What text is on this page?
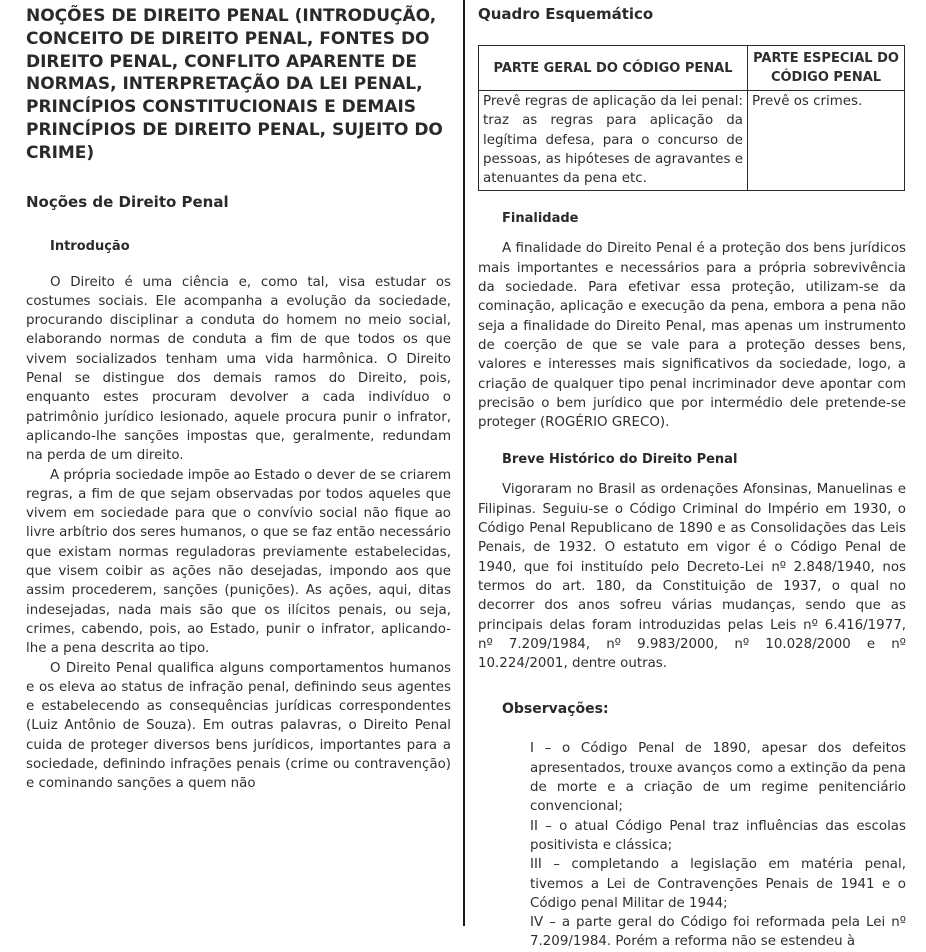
NOÇÕES DE DIREITO PENAL (INTRODUÇÃO, CONCEITO DE DIREITO PENAL, FONTES DO DIREITO PENAL, CONFLITO APARENTE DE NORMAS, INTERPRETAÇÃO DA LEI PENAL, PRINCÍPIOS CONSTITUCIONAIS E DEMAIS PRINCÍPIOS DE DIREITO PENAL, SUJEITO DO CRIME)
Noções de Direito Penal
Introdução

O Direito é uma ciência e, como tal, visa estudar os costumes sociais. Ele acompanha a evolução da sociedade, procurando disciplinar a conduta do homem no meio social, elaborando normas de conduta a fim de que todos os que vivem socializados tenham uma vida harmônica. O Direito Penal se distingue dos demais ramos do Direito, pois, enquanto estes procuram devolver a cada indivíduo o patrimônio jurídico lesionado, aquele procura punir o infrator, aplicando-lhe sanções impostas que, geralmente, redundam na perda de um direito.

A própria sociedade impõe ao Estado o dever de se criarem regras, a fim de que sejam observadas por todos aqueles que vivem em sociedade para que o convívio social não fique ao livre arbítrio dos seres humanos, o que se faz então necessário que existam normas reguladoras previamente estabelecidas, que visem coibir as ações não desejadas, impondo aos que assim procederem, sanções (punições). As ações, aqui, ditas indesejadas, nada mais são que os ilícitos penais, ou seja, crimes, cabendo, pois, ao Estado, punir o infrator, aplicando-lhe a pena descrita ao tipo.

O Direito Penal qualifica alguns comportamentos humanos e os eleva ao status de infração penal, definindo seus agentes e estabelecendo as consequências jurídicas correspondentes (Luiz Antônio de Souza). Em outras palavras, o Direito Penal cuida de proteger diversos bens jurídicos, importantes para a sociedade, definindo infrações penais (crime ou contravenção) e cominando sanções a quem não

Quadro Esquemático
PARTE GERAL DO CÓDIGO PENAL	PARTE ESPECIAL DO CÓDIGO PENAL
Prevê regras de aplicação da lei penal: traz as regras para aplicação da legítima defesa, para o concurso de pessoas, as hipóteses de agravantes e atenuantes da pena etc.	Prevê os crimes.
Finalidade

A finalidade do Direito Penal é a proteção dos bens jurídicos mais importantes e necessários para a própria sobrevivência da sociedade. Para efetivar essa proteção, utilizam-se da cominação, aplicação e execução da pena, embora a pena não seja a finalidade do Direito Penal, mas apenas um instrumento de coerção de que se vale para a proteção desses bens, valores e interesses mais significativos da sociedade, logo, a criação de qualquer tipo penal incriminador deve apontar com precisão o bem jurídico que por intermédio dele pretende-se proteger (ROGÉRIO GRECO).

Breve Histórico do Direito Penal

Vigoraram no Brasil as ordenações Afonsinas, Manuelinas e Filipinas. Seguiu-se o Código Criminal do Império em 1930, o Código Penal Republicano de 1890 e as Consolidações das Leis Penais, de 1932. O estatuto em vigor é o Código Penal de 1940, que foi instituído pelo Decreto-Lei nº 2.848/1940, nos termos do art. 180, da Constituição de 1937, o qual no decorrer dos anos sofreu várias mudanças, sendo que as principais delas foram introduzidas pelas Leis nº 6.416/1977, nº 7.209/1984, nº 9.983/2000, nº 10.028/2000 e nº 10.224/2001, dentre outras.

Observações:
I – o Código Penal de 1890, apesar dos defeitos apresentados, trouxe avanços como a extinção da pena de morte e a criação de um regime penitenciário convencional;
II – o atual Código Penal traz influências das escolas positivista e clássica;
III – completando a legislação em matéria penal, tivemos a Lei de Contravenções Penais de 1941 e o Código penal Militar de 1944;
IV – a parte geral do Código foi reformada pela Lei nº 7.209/1984. Porém a reforma não se estendeu à
